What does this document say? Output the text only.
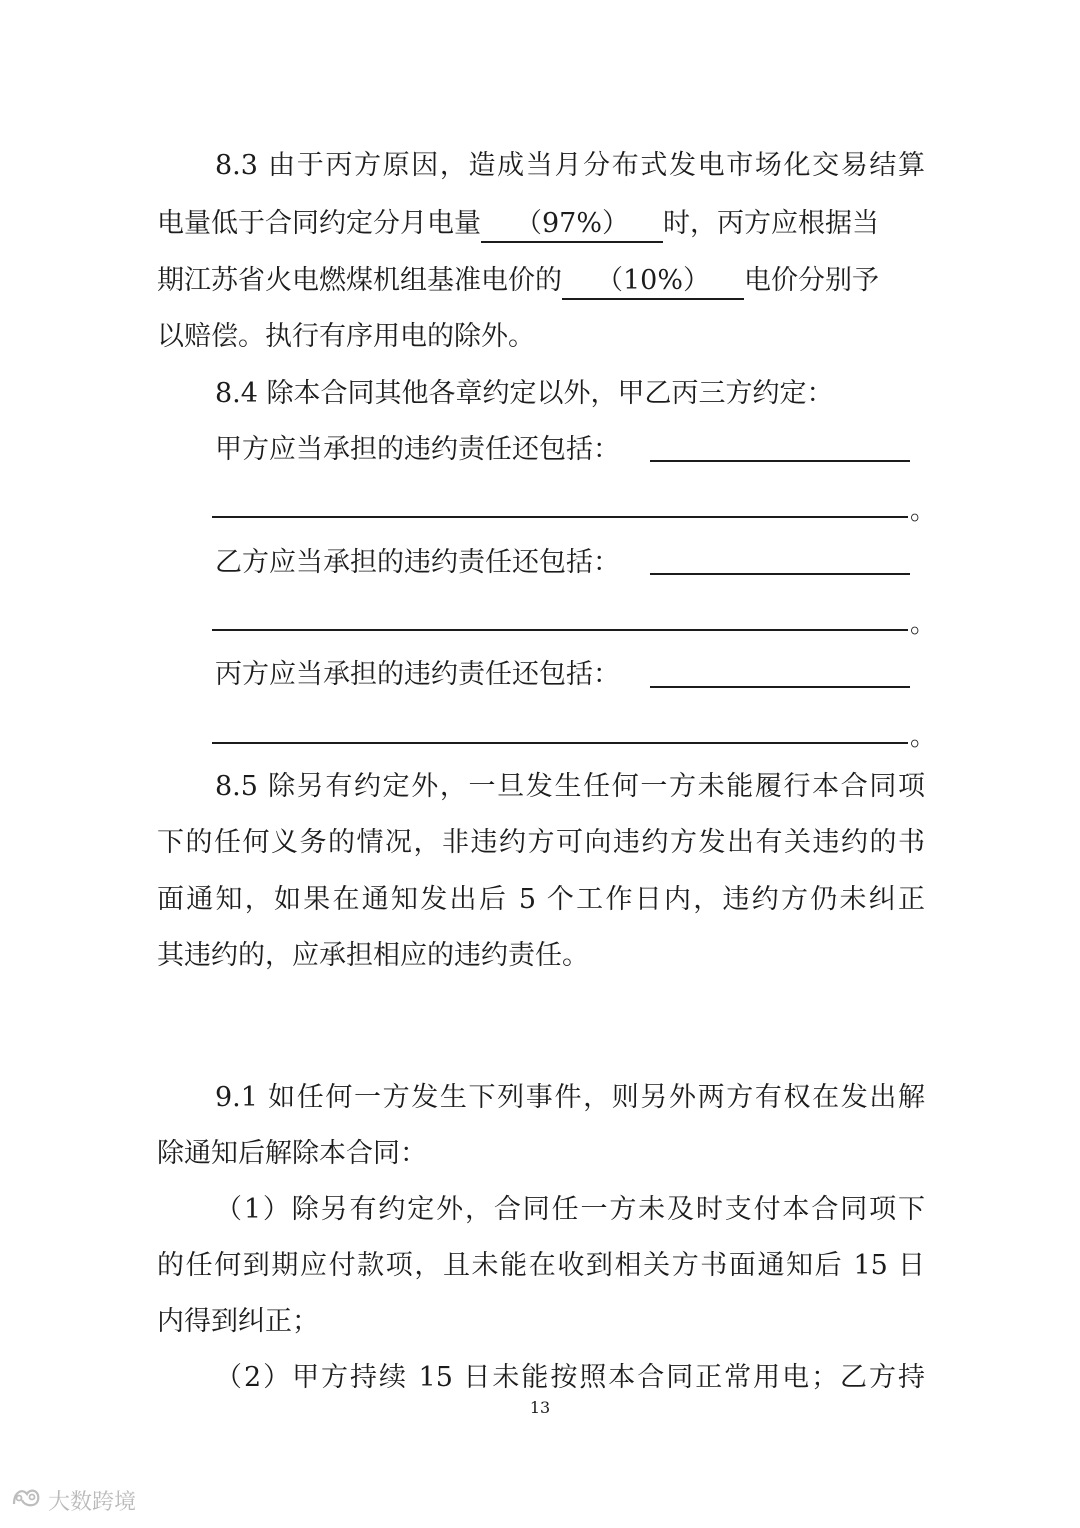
8.3 由于丙方原因，造成当月分布式发电市场化交易结算
电量低于合同约定分月电量 （97%） 时，丙方应根据当
期江苏省火电燃煤机组基准电价的 （10%） 电价分别予
以赔偿。执行有序用电的除外。
8.4 除本合同其他各章约定以外，甲乙丙三方约定：
甲方应当承担的违约责任还包括：
。
乙方应当承担的违约责任还包括：
。
丙方应当承担的违约责任还包括：
。
8.5 除另有约定外，一旦发生任何一方未能履行本合同项
下的任何义务的情况，非违约方可向违约方发出有关违约的书
面通知，如果在通知发出后 5 个工作日内，违约方仍未纠正
其违约的，应承担相应的违约责任。
9.1 如任何一方发生下列事件，则另外两方有权在发出解
除通知后解除本合同：
（1）除另有约定外，合同任一方未及时支付本合同项下
的任何到期应付款项，且未能在收到相关方书面通知后 15 日
内得到纠正；
（2）甲方持续 15 日未能按照本合同正常用电；乙方持
13
大数跨境
